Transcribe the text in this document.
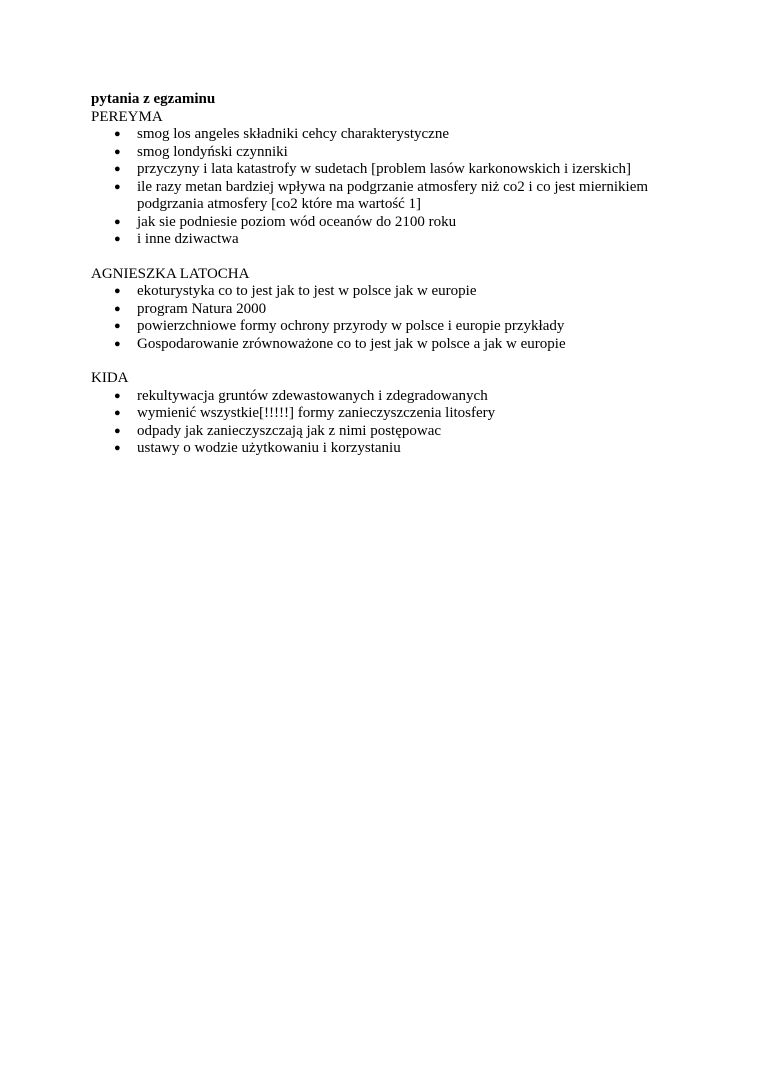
pytania z egzaminu

PEREYMA

● smog los angeles składniki cehcy charakterystyczne
● smog londyński czynniki
● przyczyny i lata katastrofy w sudetach [problem lasów karkonowskich i izerskich]
● ile razy metan bardziej wpływa na podgrzanie atmosfery niż co2 i co jest miernikiem podgrzania atmosfery [co2 które ma wartość 1]
● jak sie podniesie poziom wód oceanów do 2100 roku
● i inne dziwactwa

AGNIESZKA LATOCHA

● ekoturystyka co to jest jak to jest w polsce jak w europie
● program Natura 2000
● powierzchniowe formy ochrony przyrody w polsce i europie przykłady
● Gospodarowanie zrównoważone co to jest jak w polsce a jak w europie

KIDA

● rekultywacja gruntów zdewastowanych i zdegradowanych
● wymienić wszystkie[!!!!!] formy zanieczyszczenia litosfery
● odpady jak zanieczyszczają jak z nimi postępowac
● ustawy o wodzie użytkowaniu i korzystaniu
